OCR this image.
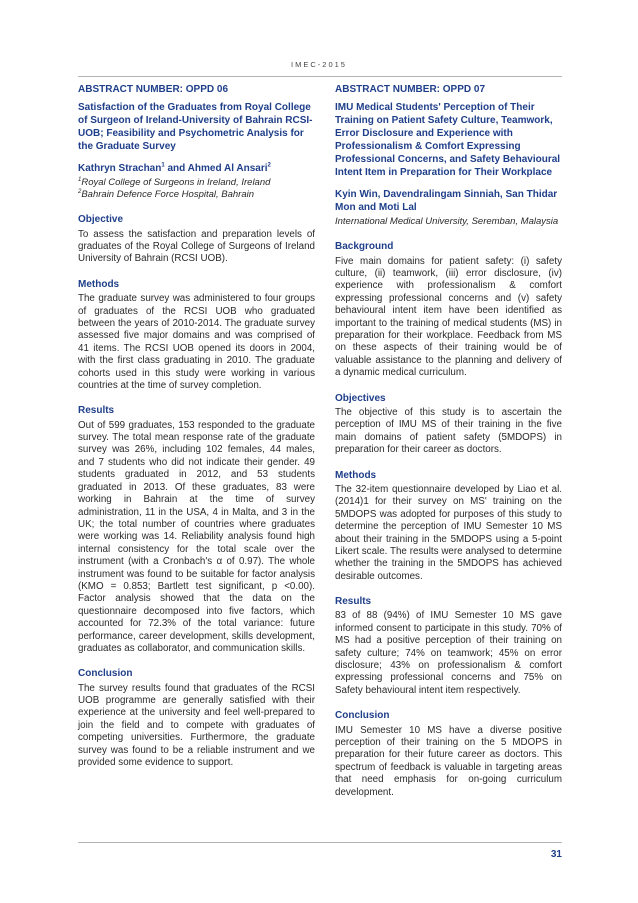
IMEC-2015

ABSTRACT NUMBER: OPPD 06

Satisfaction of the Graduates from Royal College of Surgeon of Ireland-University of Bahrain RCSI-UOB; Feasibility and Psychometric Analysis for the Graduate Survey

Kathryn Strachan$^1$ and Ahmed Al Ansari$^2$

$^1$Royal College of Surgeons in Ireland, Ireland

$^2$Bahrain Defence Force Hospital, Bahrain

Objective

To assess the satisfaction and preparation levels of graduates of the Royal College of Surgeons of Ireland University of Bahrain (RCSI UOB).

Methods

The graduate survey was administered to four groups of graduates of the RCSI UOB who graduated between the years of 2010-2014. The graduate survey assessed five major domains and was comprised of 41 items. The RCSI UOB opened its doors in 2004, with the first class graduating in 2010. The graduate cohorts used in this study were working in various countries at the time of survey completion.

Results

Out of 599 graduates, 153 responded to the graduate survey. The total mean response rate of the graduate survey was 26%, including 102 females, 44 males, and 7 students who did not indicate their gender. 49 students graduated in 2012, and 53 students graduated in 2013. Of these graduates, 83 were working in Bahrain at the time of survey administration, 11 in the USA, 4 in Malta, and 3 in the UK; the total number of countries where graduates were working was 14. Reliability analysis found high internal consistency for the total scale over the instrument (with a Cronbach's α of 0.97). The whole instrument was found to be suitable for factor analysis (KMO = 0.853; Bartlett test significant, p <0.00). Factor analysis showed that the data on the questionnaire decomposed into five factors, which accounted for 72.3% of the total variance: future performance, career development, skills development, graduates as collaborator, and communication skills.

Conclusion

The survey results found that graduates of the RCSI UOB programme are generally satisfied with their experience at the university and feel well-prepared to join the field and to compete with graduates of competing universities. Furthermore, the graduate survey was found to be a reliable instrument and we provided some evidence to support.

ABSTRACT NUMBER: OPPD 07

IMU Medical Students' Perception of Their Training on Patient Safety Culture, Teamwork, Error Disclosure and Experience with Professionalism & Comfort Expressing Professional Concerns, and Safety Behavioural Intent Item in Preparation for Their Workplace

Kyin Win, Davendralingam Sinniah, San Thidar Mon and Moti Lal

International Medical University, Seremban, Malaysia

Background

Five main domains for patient safety: (i) safety culture, (ii) teamwork, (iii) error disclosure, (iv) experience with professionalism & comfort expressing professional concerns and (v) safety behavioural intent item have been identified as important to the training of medical students (MS) in preparation for their workplace. Feedback from MS on these aspects of their training would be of valuable assistance to the planning and delivery of a dynamic medical curriculum.

Objectives

The objective of this study is to ascertain the perception of IMU MS of their training in the five main domains of patient safety (5MDOPS) in preparation for their career as doctors.

Methods

The 32-item questionnaire developed by Liao et al. (2014)1 for their survey on MS' training on the 5MDOPS was adopted for purposes of this study to determine the perception of IMU Semester 10 MS about their training in the 5MDOPS using a 5-point Likert scale. The results were analysed to determine whether the training in the 5MDOPS has achieved desirable outcomes.

Results

83 of 88 (94%) of IMU Semester 10 MS gave informed consent to participate in this study. 70% of MS had a positive perception of their training on safety culture; 74% on teamwork; 45% on error disclosure; 43% on professionalism & comfort expressing professional concerns and 75% on Safety behavioural intent item respectively.

Conclusion

IMU Semester 10 MS have a diverse positive perception of their training on the 5 MDOPS in preparation for their future career as doctors. This spectrum of feedback is valuable in targeting areas that need emphasis for on-going curriculum development.

31
